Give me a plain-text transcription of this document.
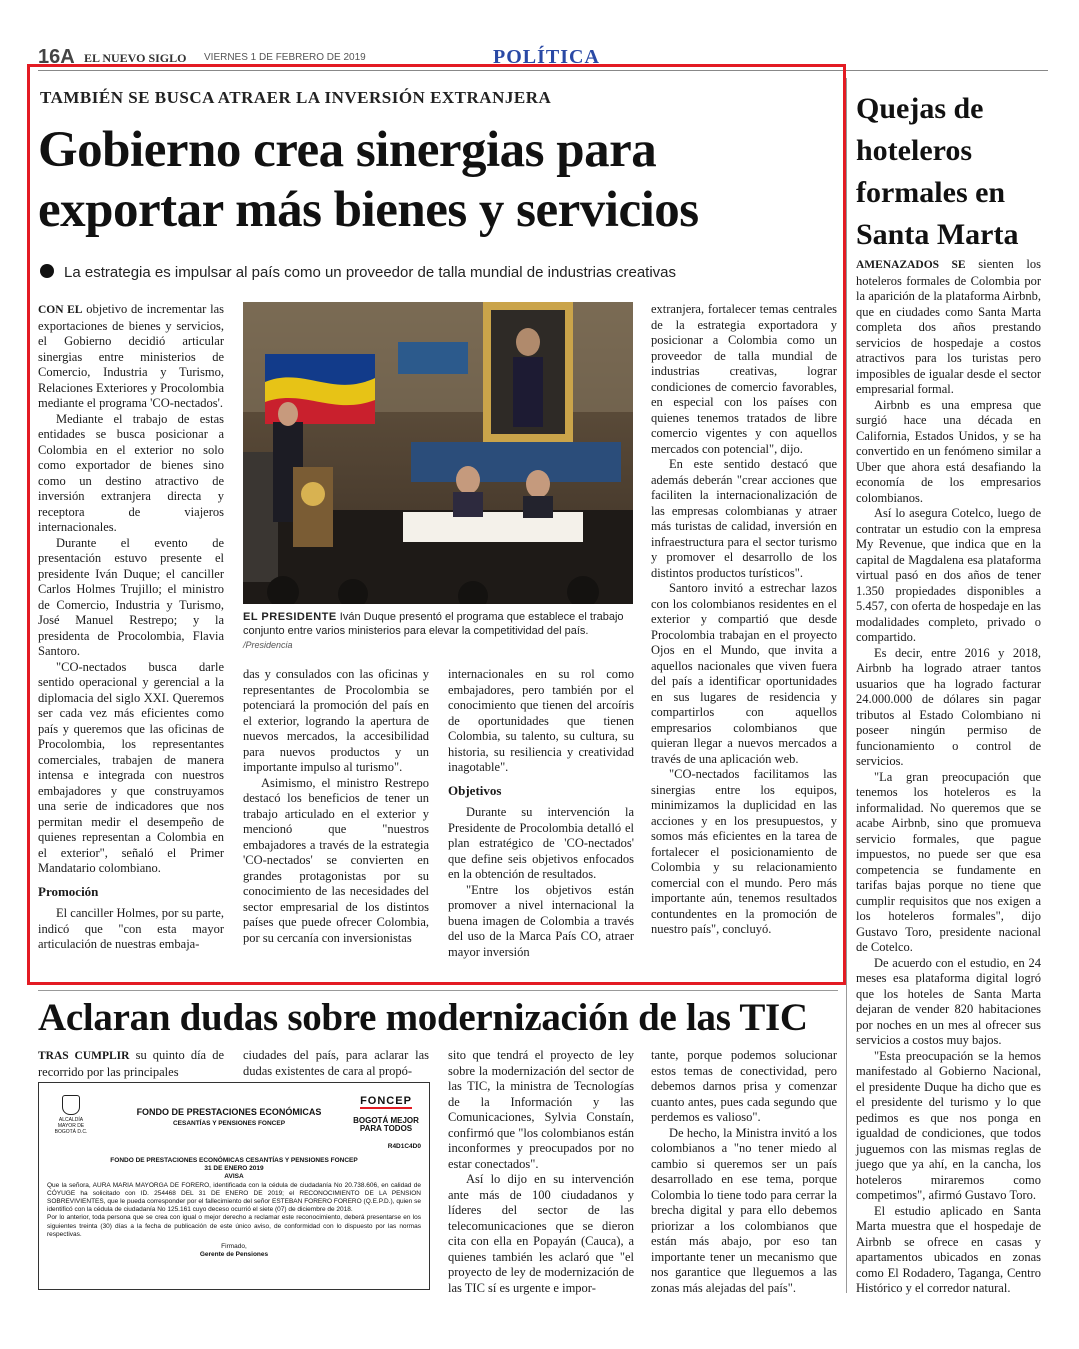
16A EL NUEVO SIGLO VIERNES 1 DE FEBRERO DE 2019	POLÍTICA
TAMBIÉN SE BUSCA ATRAER LA INVERSIÓN EXTRANJERA
Gobierno crea sinergias para exportar más bienes y servicios
La estrategia es impulsar al país como un proveedor de talla mundial de industrias creativas

CON EL objetivo de incrementar las exportaciones de bienes y servicios, el Gobierno decidió articular sinergias entre ministerios de Comercio, Industria y Turismo, Relaciones Exteriores y Procolombia mediante el programa 'CO-nectados'.

Mediante el trabajo de estas entidades se busca posicionar a Colombia en el exterior no solo como exportador de bienes sino como un destino atractivo de inversión extranjera directa y receptora de viajeros internacionales.

Durante el evento de presentación estuvo presente el presidente Iván Duque; el canciller Carlos Holmes Trujillo; el ministro de Comercio, Industria y Turismo, José Manuel Restrepo; y la presidenta de Procolombia, Flavia Santoro.

"CO-nectados busca darle sentido operacional y gerencial a la diplomacia del siglo XXI. Queremos ser cada vez más eficientes como país y queremos que las oficinas de Procolombia, los representantes comerciales, trabajen de manera intensa e integrada con nuestros embajadores y que construyamos una serie de indicadores que nos permitan medir el desempeño de quienes representan a Colombia en el exterior", señaló el Primer Mandatario colombiano.

Promoción

El canciller Holmes, por su parte, indicó que "con esta mayor articulación de nuestras embaja-

EL PRESIDENTE Iván Duque presentó el programa que establece el trabajo conjunto entre varios ministerios para elevar la competitividad del país.
/Presidencia

das y consulados con las oficinas y representantes de Procolombia se potenciará la promoción del país en el exterior, logrando la apertura de nuevos mercados, la accesibilidad para nuevos productos y un importante impulso al turismo".

Asimismo, el ministro Restrepo destacó los beneficios de tener un trabajo articulado en el exterior y mencionó que "nuestros embajadores a través de la estrategia 'CO-nectados' se convierten en grandes protagonistas por su conocimiento de las necesidades del sector empresarial de los distintos países que puede ofrecer Colombia, por su cercanía con inversionistas

internacionales en su rol como embajadores, pero también por el conocimiento que tienen del arcoíris de oportunidades que tienen Colombia, su talento, su cultura, su historia, su resiliencia y creatividad inagotable".

Objetivos

Durante su intervención la Presidente de Procolombia detalló el plan estratégico de 'CO-nectados' que define seis objetivos enfocados en la obtención de resultados.

"Entre los objetivos están promover a nivel internacional la buena imagen de Colombia a través del uso de la Marca País CO, atraer mayor inversión

extranjera, fortalecer temas centrales de la estrategia exportadora y posicionar a Colombia como un proveedor de talla mundial de industrias creativas, lograr condiciones de comercio favorables, en especial con los países con quienes tenemos tratados de libre comercio vigentes y con aquellos mercados con potencial", dijo.

En este sentido destacó que además deberán "crear acciones que faciliten la internacionalización de las empresas colombianas y atraer más turistas de calidad, inversión en infraestructura para el sector turismo y promover el desarrollo de los distintos productos turísticos".

Santoro invitó a estrechar lazos con los colombianos residentes en el exterior y compartió que desde Procolombia trabajan en el proyecto Ojos en el Mundo, que invita a aquellos nacionales que viven fuera del país a identificar oportunidades en sus lugares de residencia y compartirlos con aquellos empresarios colombianos que quieran llegar a nuevos mercados a través de una aplicación web.

"CO-nectados facilitamos las sinergias entre los equipos, minimizamos la duplicidad en las acciones y en los presupuestos, y somos más eficientes en la tarea de fortalecer el posicionamiento de Colombia y su relacionamiento comercial con el mundo. Pero más importante aún, tenemos resultados contundentes en la promoción de nuestro país", concluyó.

Quejas de hoteleros formales en Santa Marta

AMENAZADOS SE sienten los hoteleros formales de Colombia por la aparición de la plataforma Airbnb, que en ciudades como Santa Marta completa dos años prestando servicios de hospedaje a costos atractivos para los turistas pero imposibles de igualar desde el sector empresarial formal.

Airbnb es una empresa que surgió hace una década en California, Estados Unidos, y se ha convertido en un fenómeno similar a Uber que ahora está desafiando la economía de los empresarios colombianos.

Así lo asegura Cotelco, luego de contratar un estudio con la empresa My Revenue, que indica que en la capital de Magdalena esa plataforma virtual pasó en dos años de tener 1.350 propiedades disponibles a 5.457, con oferta de hospedaje en las modalidades completo, privado o compartido.

Es decir, entre 2016 y 2018, Airbnb ha logrado atraer tantos usuarios que ha logrado facturar 24.000.000 de dólares sin pagar tributos al Estado Colombiano ni poseer ningún permiso de funcionamiento o control de servicios.

"La gran preocupación que tenemos los hoteleros es la informalidad. No queremos que se acabe Airbnb, sino que promueva servicio formales, que pague impuestos, no puede ser que esa competencia se fundamente en tarifas bajas porque no tiene que cumplir requisitos que nos exigen a los hoteleros formales", dijo Gustavo Toro, presidente nacional de Cotelco.

De acuerdo con el estudio, en 24 meses esa plataforma digital logró que los hoteles de Santa Marta dejaran de vender 820 habitaciones por noches en un mes al ofrecer sus servicios a costos muy bajos.

"Esta preocupación se la hemos manifestado al Gobierno Nacional, el presidente Duque ha dicho que es el presidente del turismo y lo que pedimos es que nos ponga en igualdad de condiciones, que todos juguemos con las mismas reglas de juego que ya ahí, en la cancha, los hoteleros miraremos como competimos", afirmó Gustavo Toro.

El estudio aplicado en Santa Marta muestra que el hospedaje de Airbnb se ofrece en casas y apartamentos ubicados en zonas como El Rodadero, Taganga, Centro Histórico y el corredor natural.

Aclaran dudas sobre modernización de las TIC

TRAS CUMPLIR su quinto día de recorrido por las principales

ciudades del país, para aclarar las dudas existentes de cara al propó-

sito que tendrá el proyecto de ley sobre la modernización del sector de las TIC, la ministra de Tecnologías de la Información y las Comunicaciones, Sylvia Constaín, confirmó que "los colombianos están inconformes y preocupados por no estar conectados".

Así lo dijo en su intervención ante más de 100 ciudadanos y líderes del sector de las telecomunicaciones que se dieron cita con ella en Popayán (Cauca), a quienes también les aclaró que "el proyecto de ley de modernización de las TIC sí es urgente e impor-

tante, porque podemos solucionar estos temas de conectividad, pero debemos darnos prisa y comenzar cuanto antes, pues cada segundo que perdemos es valioso".

De hecho, la Ministra invitó a los colombianos a "no tener miedo al cambio si queremos ser un país desarrollado en ese tema, porque Colombia lo tiene todo para cerrar la brecha digital y para ello debemos priorizar a los colombianos que están más abajo, por eso tan importante tener un mecanismo que nos garantice que lleguemos a las zonas más alejadas del país".

ALCALDÍA MAYOR DE BOGOTÁ D.C.
FONDO DE PRESTACIONES ECONÓMICAS
CESANTÍAS Y PENSIONES FONCEP
FONCEP
BOGOTÁ MEJOR PARA TODOS
R4D1C4D0
FONDO DE PRESTACIONES ECONÓMICAS CESANTÍAS Y PENSIONES FONCEP
31 DE ENERO 2019
AVISA

Que la señora, AURA MARIA MAYORGA DE FORERO, identificada con la cédula de ciudadanía No 20.738.606, en calidad de CÓYUGE ha solicitado con ID. 254468 DEL 31 DE ENERO DE 2019; el RECONOCIMIENTO DE LA PENSION SOBREVIVIENTES, que le pueda corresponder por el fallecimiento del señor ESTEBAN FORERO FORERO (Q.E.P.D.), quien se identificó con la cédula de ciudadanía No 125.161 cuyo deceso ocurrió el siete (07) de diciembre de 2018.

Por lo anterior, toda persona que se crea con igual o mejor derecho a reclamar este reconocimiento, deberá presentarse en los siguientes treinta (30) días a la fecha de publicación de este único aviso, de conformidad con lo dispuesto por las normas respectivas.

Firmado,
Gerente de Pensiones
